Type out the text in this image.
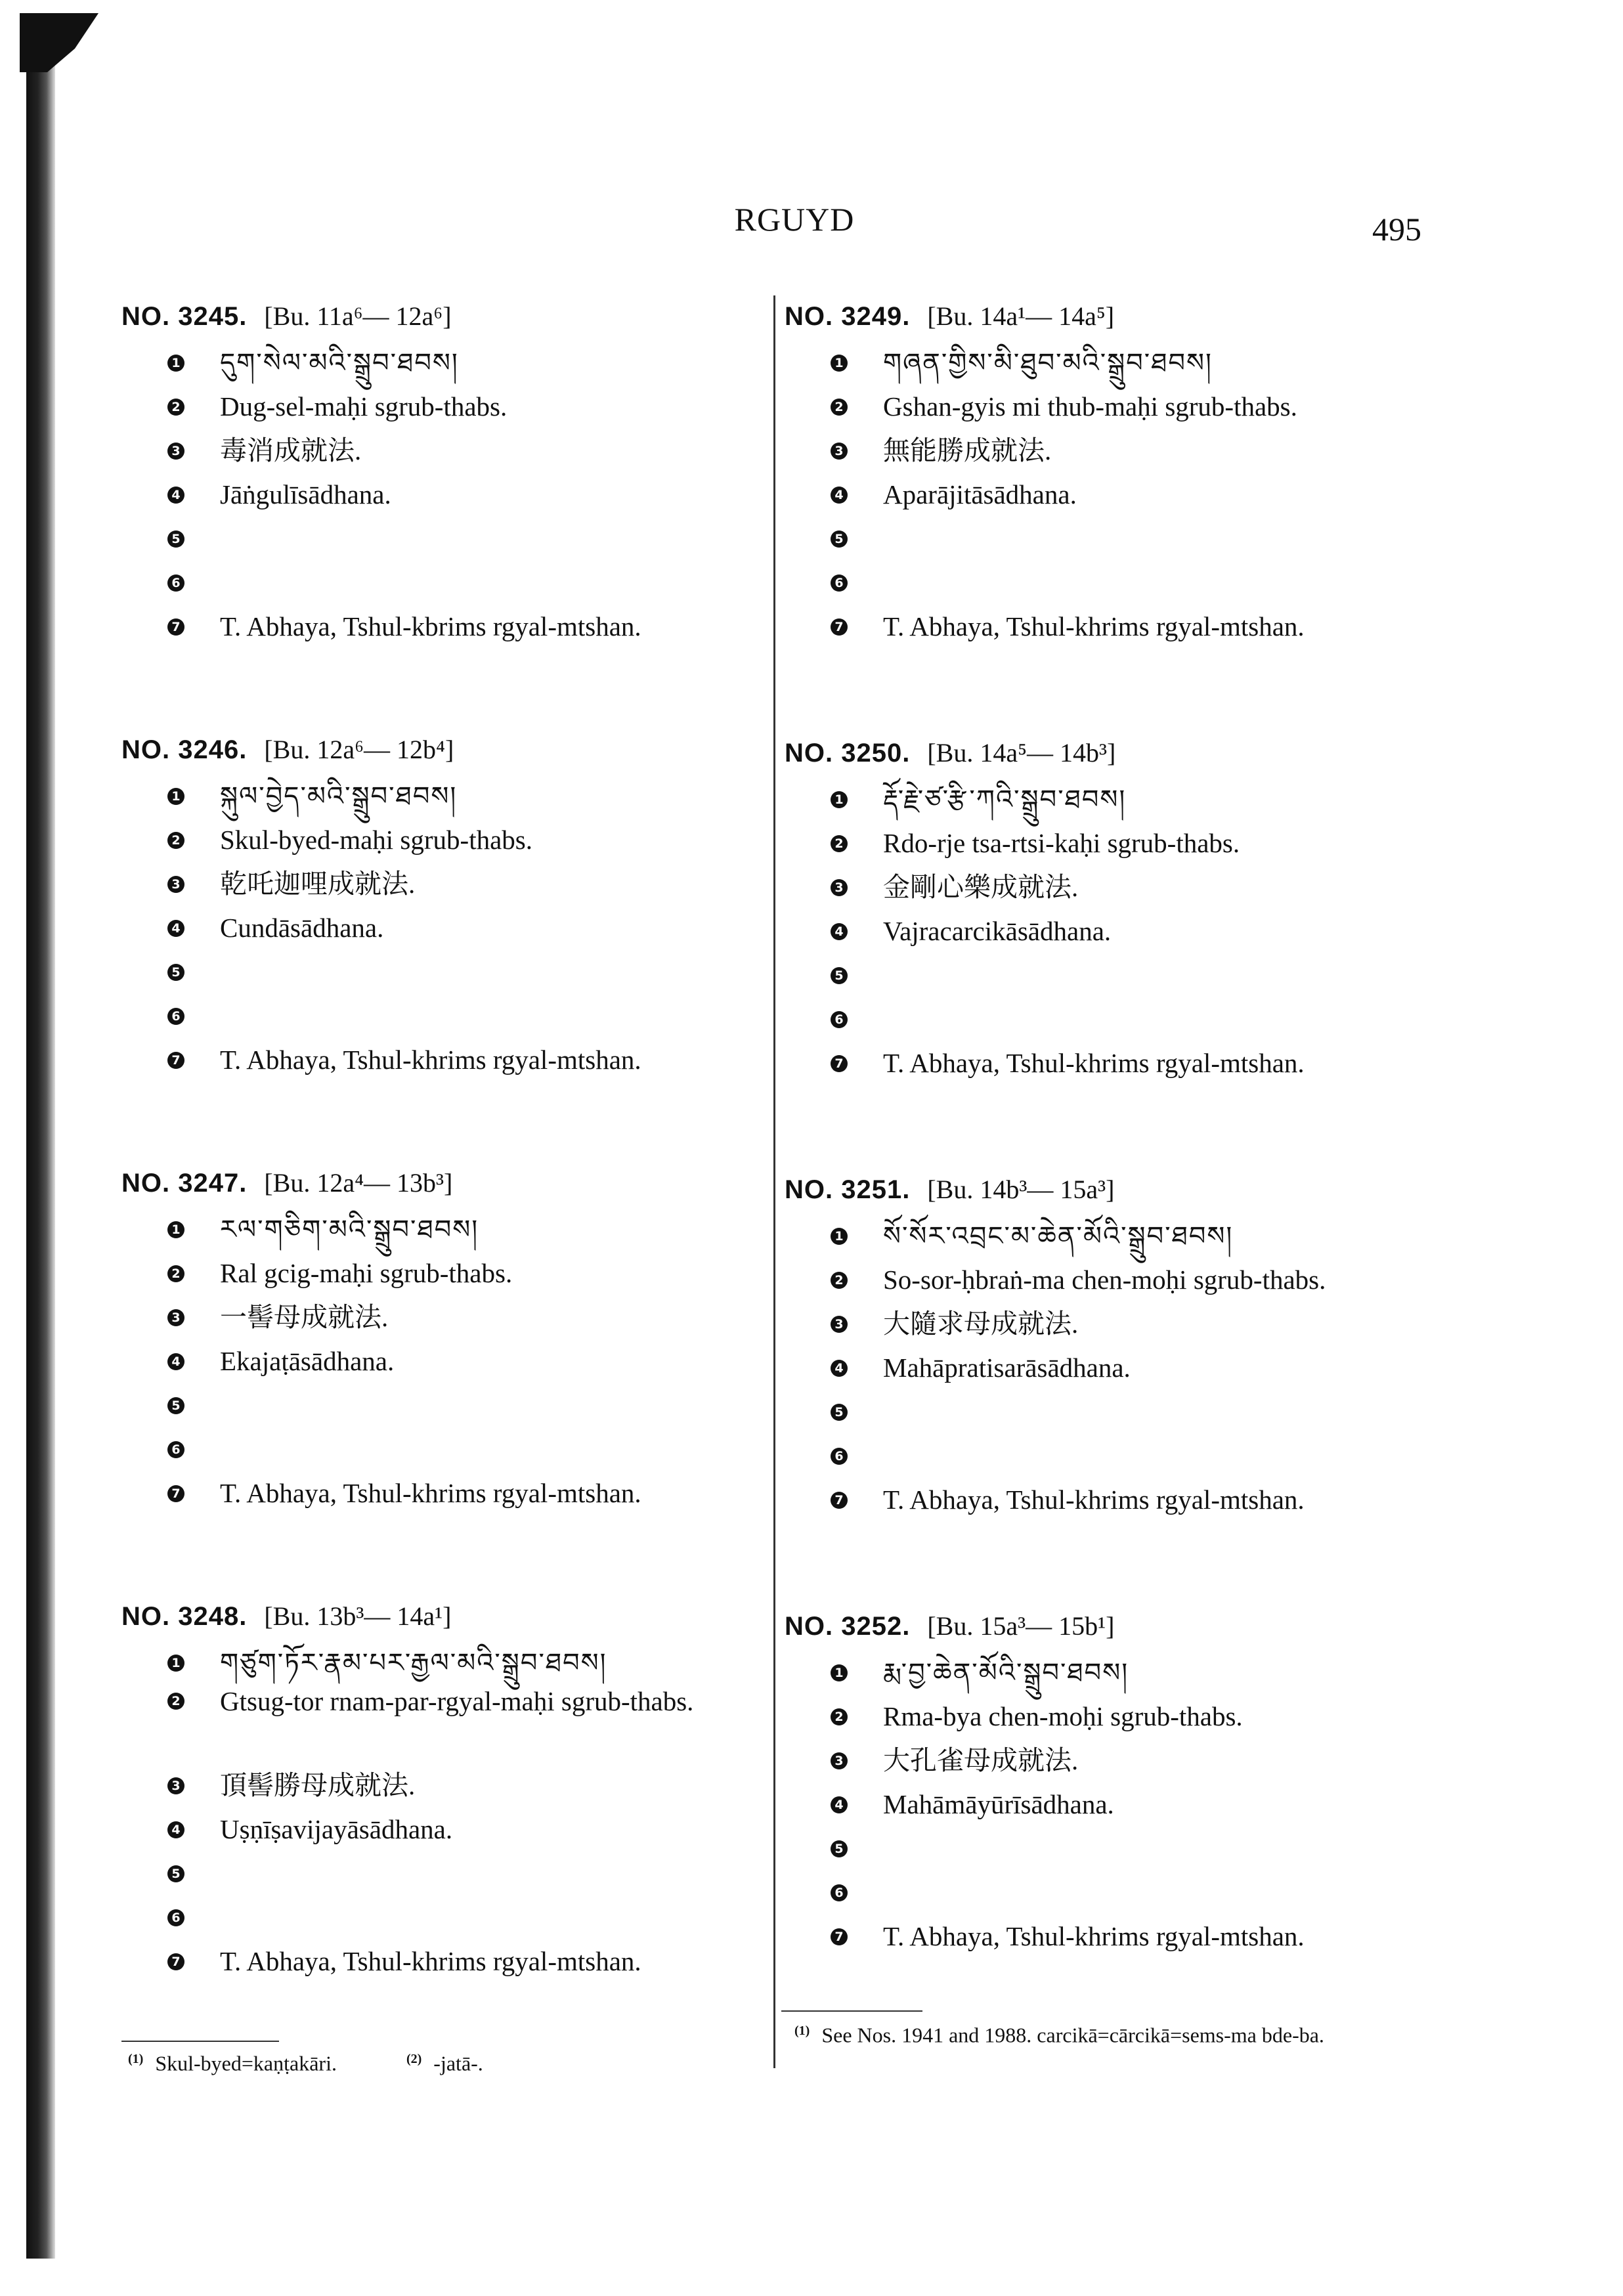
RGUYD	495
NO. 3245. [Bu. 11a⁶— 12a⁶]
1 དུག་སེལ་མའི་སྒྲུབ་ཐབས།
2 Dug-sel-maḥi sgrub-thabs.
3 毒消成就法.
4 Jāṅgulīsādhana.
5
6
7 T. Abhaya, Tshul-kbrims rgyal-mtshan.
NO. 3246. [Bu. 12a⁶— 12b⁴]
1 སྐུལ་བྱེད་མའི་སྒྲུབ་ཐབས།
2 Skul-byed-maḥi sgrub-thabs.
3 乾吒迦哩成就法.
4 Cundāsādhana.
5
6
7 T. Abhaya, Tshul-khrims rgyal-mtshan.
NO. 3247. [Bu. 12a⁴— 13b³]
1 རལ་གཅིག་མའི་སྒྲུབ་ཐབས།
2 Ral gcig-maḥi sgrub-thabs.
3 一髻母成就法.
4 Ekajaṭāsādhana.
5
6
7 T. Abhaya, Tshul-khrims rgyal-mtshan.
NO. 3248. [Bu. 13b³— 14a¹]
1 གཙུག་ཏོར་རྣམ་པར་རྒྱལ་མའི་སྒྲུབ་ཐབས།
2 Gtsug-tor rnam-par-rgyal-maḥi sgrub-thabs.
3 頂髻勝母成就法.
4 Uṣṇīṣavijayāsādhana.
5
6
7 T. Abhaya, Tshul-khrims rgyal-mtshan.
NO. 3249. [Bu. 14a¹— 14a⁵]
1 གཞན་གྱིས་མི་ཐུབ་མའི་སྒྲུབ་ཐབས།
2 Gshan-gyis mi thub-maḥi sgrub-thabs.
3 無能勝成就法.
4 Aparājitāsādhana.
5
6
7 T. Abhaya, Tshul-khrims rgyal-mtshan.
NO. 3250. [Bu. 14a⁵— 14b³]
1 རྡོ་རྗེ་ཙ་རྩི་ཀའི་སྒྲུབ་ཐབས།
2 Rdo-rje tsa-rtsi-kaḥi sgrub-thabs.
3 金剛心樂成就法.
4 Vajracarcikāsādhana.
5
6
7 T. Abhaya, Tshul-khrims rgyal-mtshan.
NO. 3251. [Bu. 14b³— 15a³]
1 སོ་སོར་འབྲང་མ་ཆེན་མོའི་སྒྲུབ་ཐབས།
2 So-sor-ḥbraṅ-ma chen-moḥi sgrub-thabs.
3 大隨求母成就法.
4 Mahāpratisarāsādhana.
5
6
7 T. Abhaya, Tshul-khrims rgyal-mtshan.
NO. 3252. [Bu. 15a³— 15b¹]
1 རྨ་བྱ་ཆེན་མོའི་སྒྲུབ་ཐབས།
2 Rma-bya chen-moḥi sgrub-thabs.
3 大孔雀母成就法.
4 Mahāmāyūrīsādhana.
5
6
7 T. Abhaya, Tshul-khrims rgyal-mtshan.
$^{(1)}$ Skul-byed=kaṇṭakāri.	$^{(2)}$ -jatā-.
$^{(1)}$ See Nos. 1941 and 1988. carcikā=cārcikā=sems-ma bde-ba.
